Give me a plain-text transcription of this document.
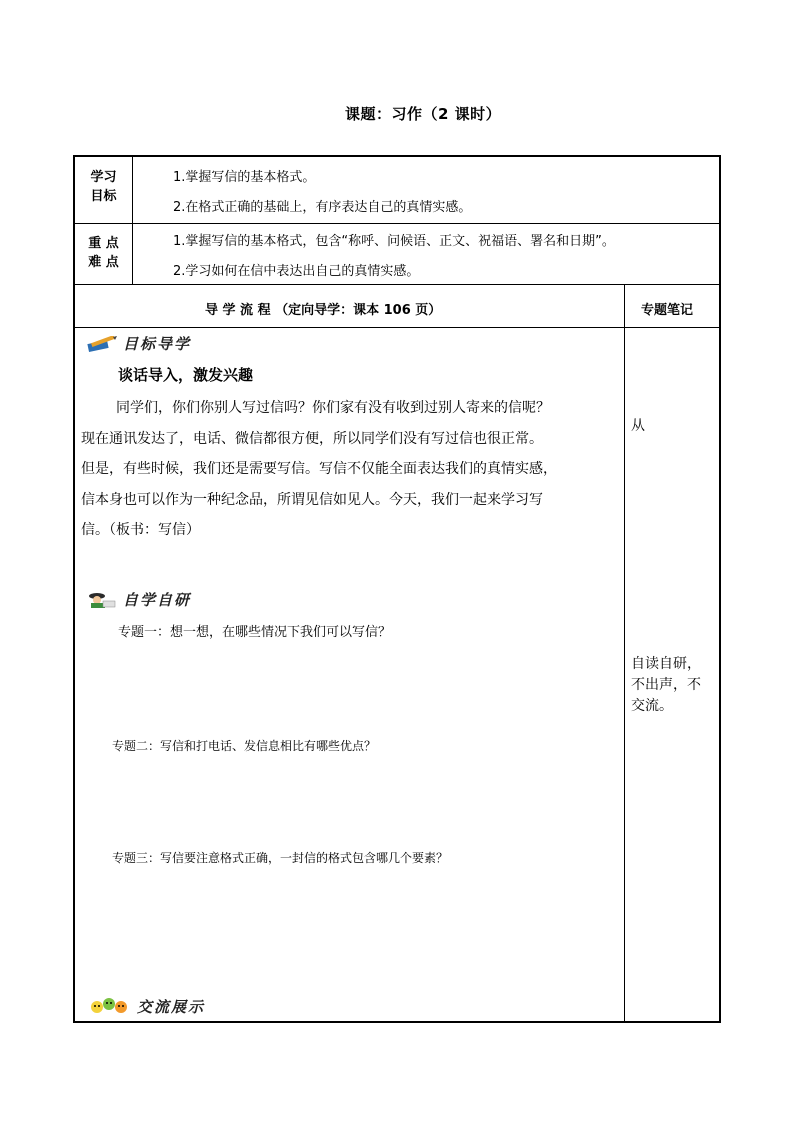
课题：习作（2 课时）
学习
目标
1.掌握写信的基本格式。
2.在格式正确的基础上，有序表达自己的真情实感。
重 点
难 点
1.掌握写信的基本格式，包含“称呼、问候语、正文、祝福语、署名和日期”。
2.学习如何在信中表达出自己的真情实感。
导 学 流 程 （定向导学：课本 106 页）	专题笔记
目标导学
谈话导入，激发兴趣
同学们，你们你别人写过信吗？你们家有没有收到过别人寄来的信呢？
现在通讯发达了，电话、微信都很方便，所以同学们没有写过信也很正常。
但是，有些时候，我们还是需要写信。写信不仅能全面表达我们的真情实感，
信本身也可以作为一种纪念品，所谓见信如见人。今天，我们一起来学习写
信。（板书：写信）
自学自研
专题一：想一想，在哪些情况下我们可以写信？
专题二：写信和打电话、发信息相比有哪些优点？
专题三：写信要注意格式正确，一封信的格式包含哪几个要素？
交流展示
从
自读自研，
不出声，不
交流。
